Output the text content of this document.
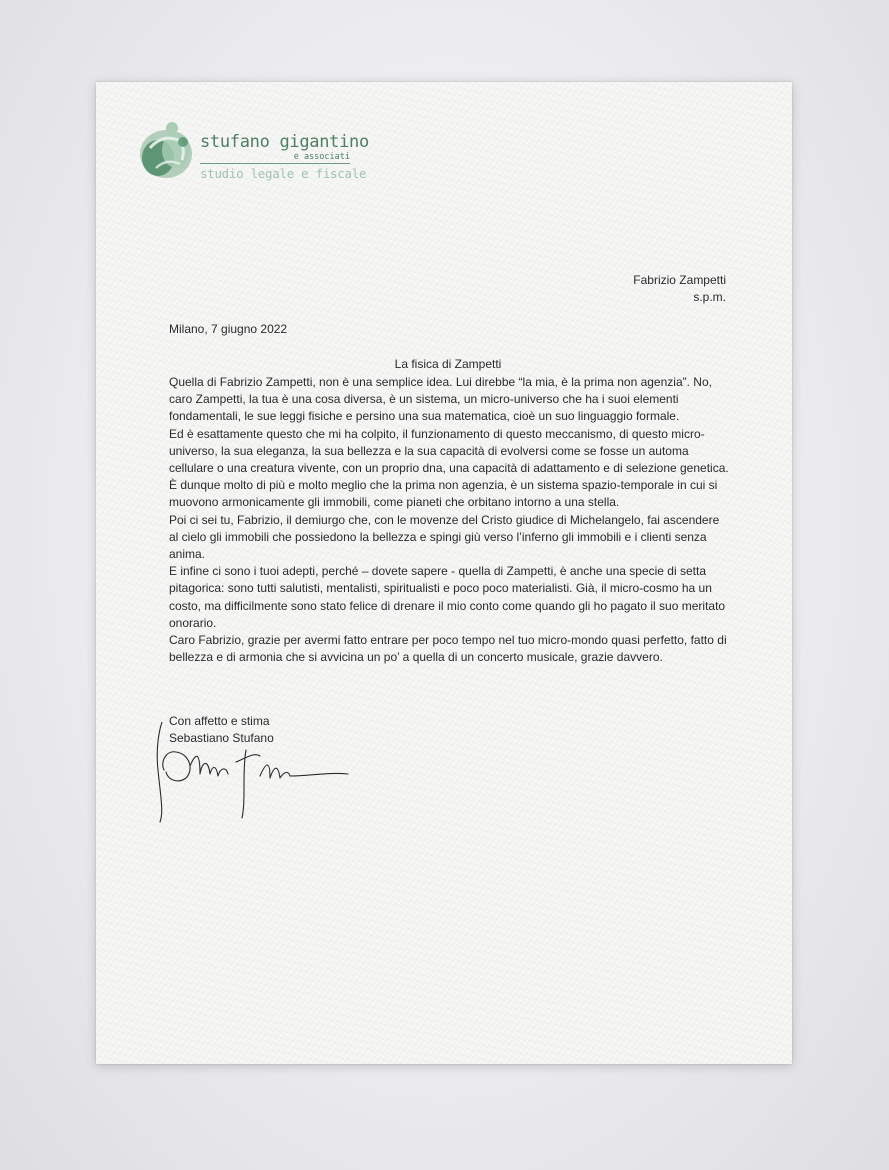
stufano gigantino
e associati
studio legale e fiscale
Fabrizio Zampetti
s.p.m.
Milano, 7 giugno 2022
La fisica di Zampetti

Quella di Fabrizio Zampetti, non è una semplice idea. Lui direbbe “la mia, è la prima non agenzia”. No, caro Zampetti, la tua è una cosa diversa, è un sistema, un micro-universo che ha i suoi elementi fondamentali, le sue leggi fisiche e persino una sua matematica, cioè un suo linguaggio formale.

Ed è esattamente questo che mi ha colpito, il funzionamento di questo meccanismo, di questo micro-universo, la sua eleganza, la sua bellezza e la sua capacità di evolversi come se fosse un automa cellulare o una creatura vivente, con un proprio dna, una capacità di adattamento e di selezione genetica.

È dunque molto di più e molto meglio che la prima non agenzia, è un sistema spazio-temporale in cui si muovono armonicamente gli immobili, come pianeti che orbitano intorno a una stella.

Poi ci sei tu, Fabrizio, il demiurgo che, con le movenze del Cristo giudice di Michelangelo, fai ascendere al cielo gli immobili che possiedono la bellezza e spingi giù verso l’inferno gli immobili e i clienti senza anima.

E infine ci sono i tuoi adepti, perché – dovete sapere - quella di Zampetti, è anche una specie di setta pitagorica: sono tutti salutisti, mentalisti, spiritualisti e poco poco materialisti. Già, il micro-cosmo ha un costo, ma difficilmente sono stato felice di drenare il mio conto come quando gli ho pagato il suo meritato onorario.

Caro Fabrizio, grazie per avermi fatto entrare per poco tempo nel tuo micro-mondo quasi perfetto, fatto di bellezza e di armonia che si avvicina un po’ a quella di un concerto musicale, grazie davvero.

Con affetto e stima
Sebastiano Stufano
